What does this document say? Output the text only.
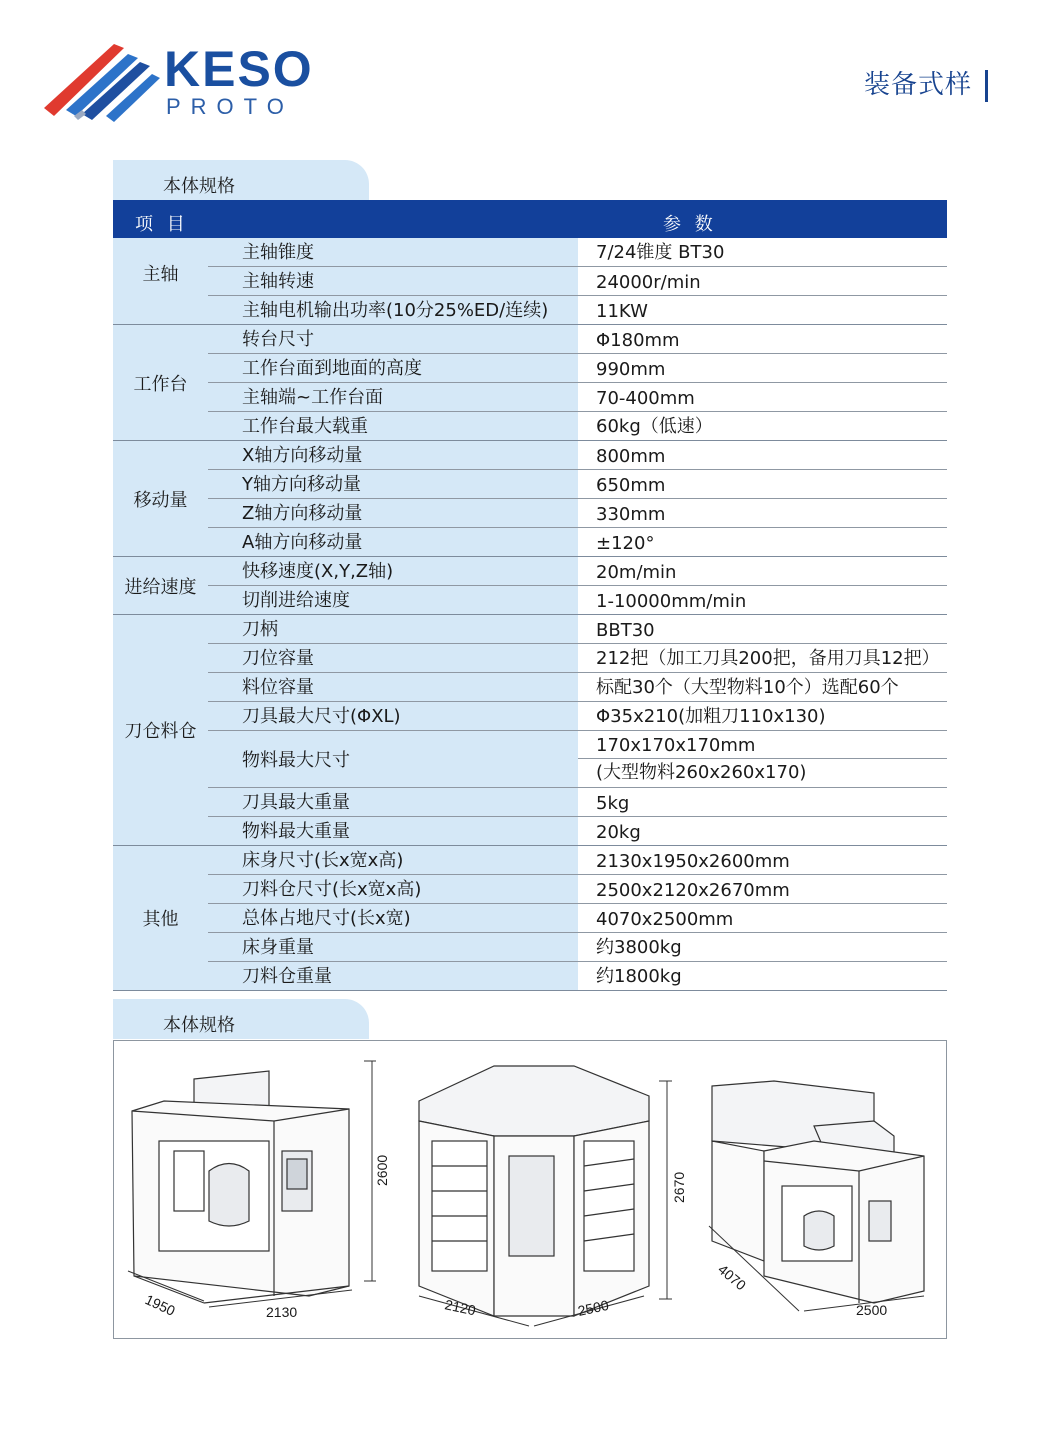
KESO
PROTO
装备式样
本体规格
项 目	参 数
主轴
主轴锥度	7/24锥度 BT30
主轴转速	24000r/min
主轴电机输出功率(10分25%ED/连续)	11KW
工作台
转台尺寸	Φ180mm
工作台面到地面的高度	990mm
主轴端~工作台面	70-400mm
工作台最大载重	60kg（低速）
移动量
X轴方向移动量	800mm
Y轴方向移动量	650mm
Z轴方向移动量	330mm
A轴方向移动量	±120°
进给速度
快移速度(X,Y,Z轴)	20m/min
切削进给速度	1-10000mm/min
刀仓料仓
刀柄	BBT30
刀位容量	212把（加工刀具200把，备用刀具12把）
料位容量	标配30个（大型物料10个）选配60个
刀具最大尺寸(ΦXL)	Φ35x210(加粗刀110x130)
物料最大尺寸
170x170x170mm
(大型物料260x260x170)
刀具最大重量	5kg
物料最大重量	20kg
其他
床身尺寸(长x宽x高)	2130x1950x2600mm
刀料仓尺寸(长x宽x高)	2500x2120x2670mm
总体占地尺寸(长x宽)	4070x2500mm
床身重量	约3800kg
刀料仓重量	约1800kg
本体规格
1950	2130
2600
2120	2500
2670
4070
2500
